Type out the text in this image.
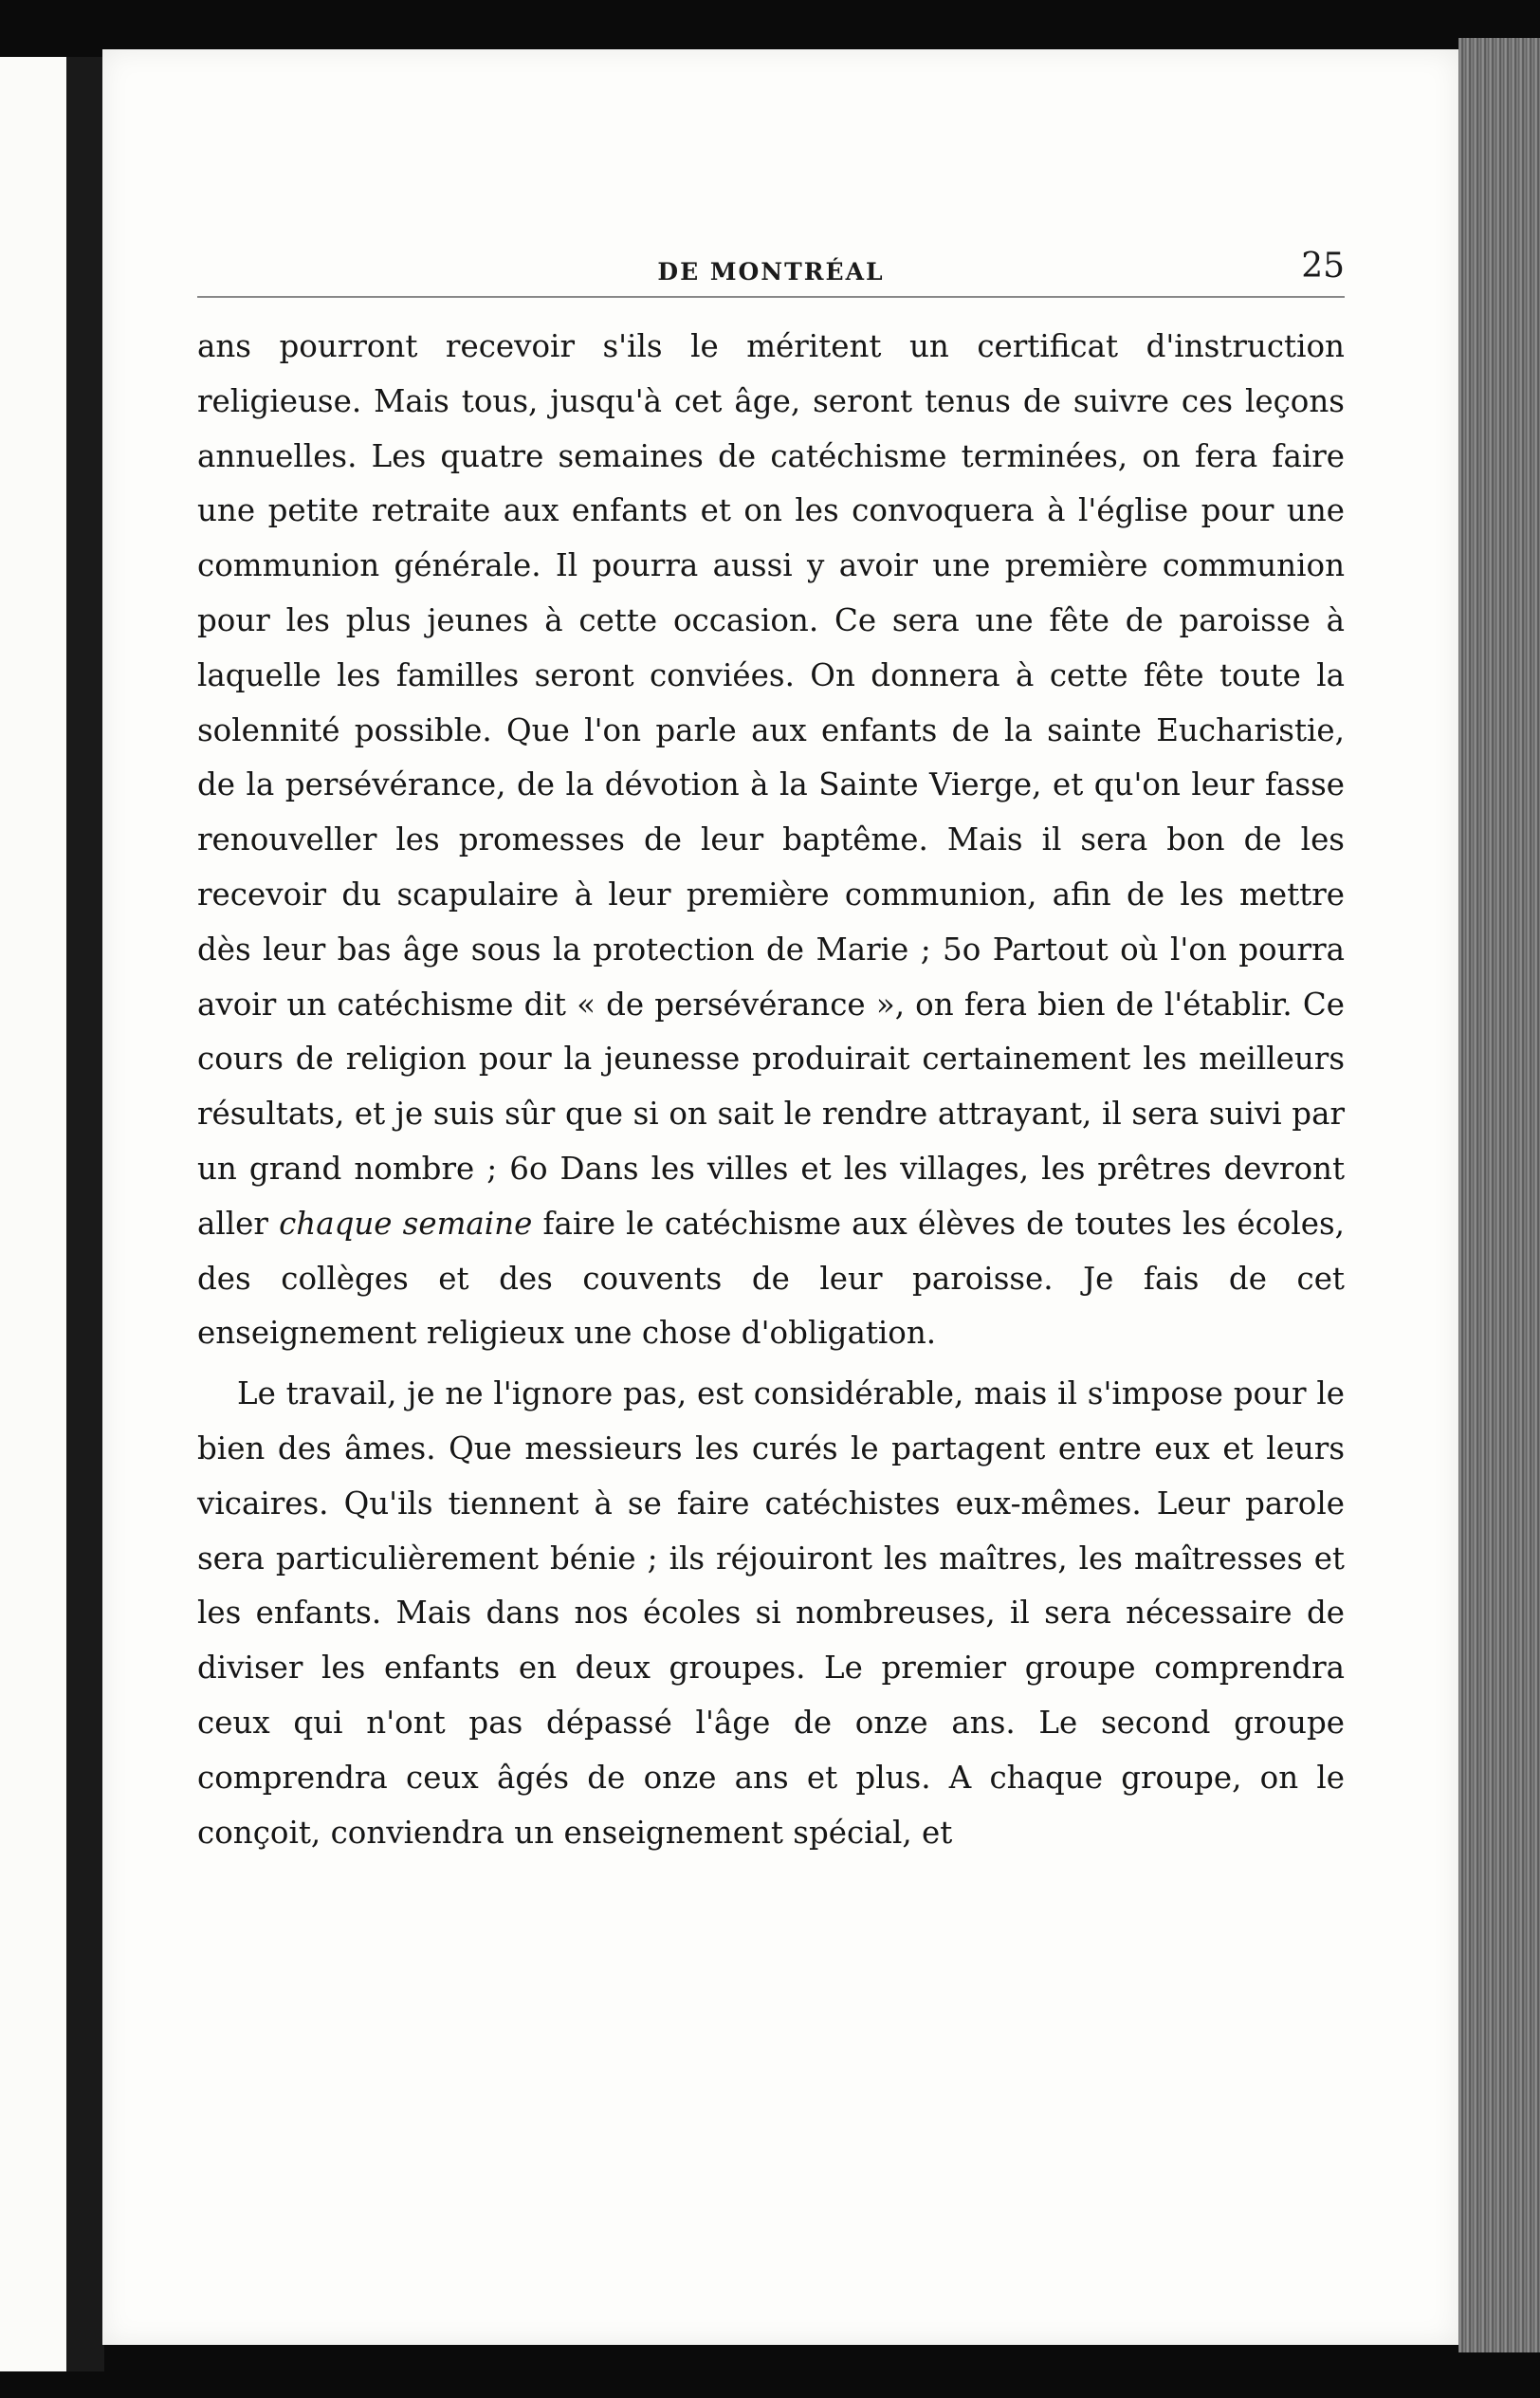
DE MONTRÉAL	25

ans pourront recevoir s'ils le méritent un certificat d'instruction religieuse. Mais tous, jusqu'à cet âge, seront tenus de suivre ces leçons annuelles. Les quatre semaines de catéchisme terminées, on fera faire une petite retraite aux enfants et on les convoquera à l'église pour une communion générale. Il pourra aussi y avoir une première communion pour les plus jeunes à cette occasion. Ce sera une fête de paroisse à laquelle les familles seront conviées. On donnera à cette fête toute la solennité possible. Que l'on parle aux enfants de la sainte Eucharistie, de la persévérance, de la dévotion à la Sainte Vierge, et qu'on leur fasse renouveller les promesses de leur baptême. Mais il sera bon de les recevoir du scapulaire à leur première communion, afin de les mettre dès leur bas âge sous la protection de Marie ; 5o Partout où l'on pourra avoir un catéchisme dit « de persévérance », on fera bien de l'établir. Ce cours de religion pour la jeunesse produirait certainement les meilleurs résultats, et je suis sûr que si on sait le rendre attrayant, il sera suivi par un grand nombre ; 6o Dans les villes et les villages, les prêtres devront aller chaque semaine faire le catéchisme aux élèves de toutes les écoles, des collèges et des couvents de leur paroisse. Je fais de cet enseignement religieux une chose d'obligation.

Le travail, je ne l'ignore pas, est considérable, mais il s'impose pour le bien des âmes. Que messieurs les curés le partagent entre eux et leurs vicaires. Qu'ils tiennent à se faire catéchistes eux-mêmes. Leur parole sera particulièrement bénie ; ils réjouiront les maîtres, les maîtresses et les enfants. Mais dans nos écoles si nombreuses, il sera nécessaire de diviser les enfants en deux groupes. Le premier groupe comprendra ceux qui n'ont pas dépassé l'âge de onze ans. Le second groupe comprendra ceux âgés de onze ans et plus. A chaque groupe, on le conçoit, conviendra un enseignement spécial, et
